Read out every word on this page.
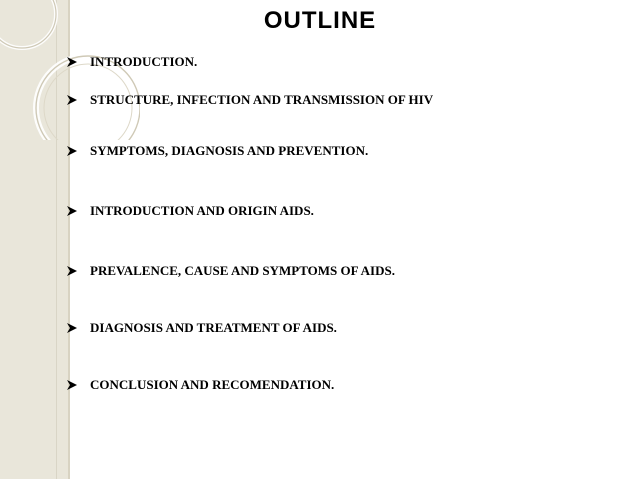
OUTLINE
INTRODUCTION.
STRUCTURE, INFECTION AND TRANSMISSION OF HIV
SYMPTOMS, DIAGNOSIS AND PREVENTION.
INTRODUCTION AND ORIGIN AIDS.
PREVALENCE, CAUSE AND SYMPTOMS OF AIDS.
DIAGNOSIS AND TREATMENT OF AIDS.
CONCLUSION AND RECOMENDATION.
